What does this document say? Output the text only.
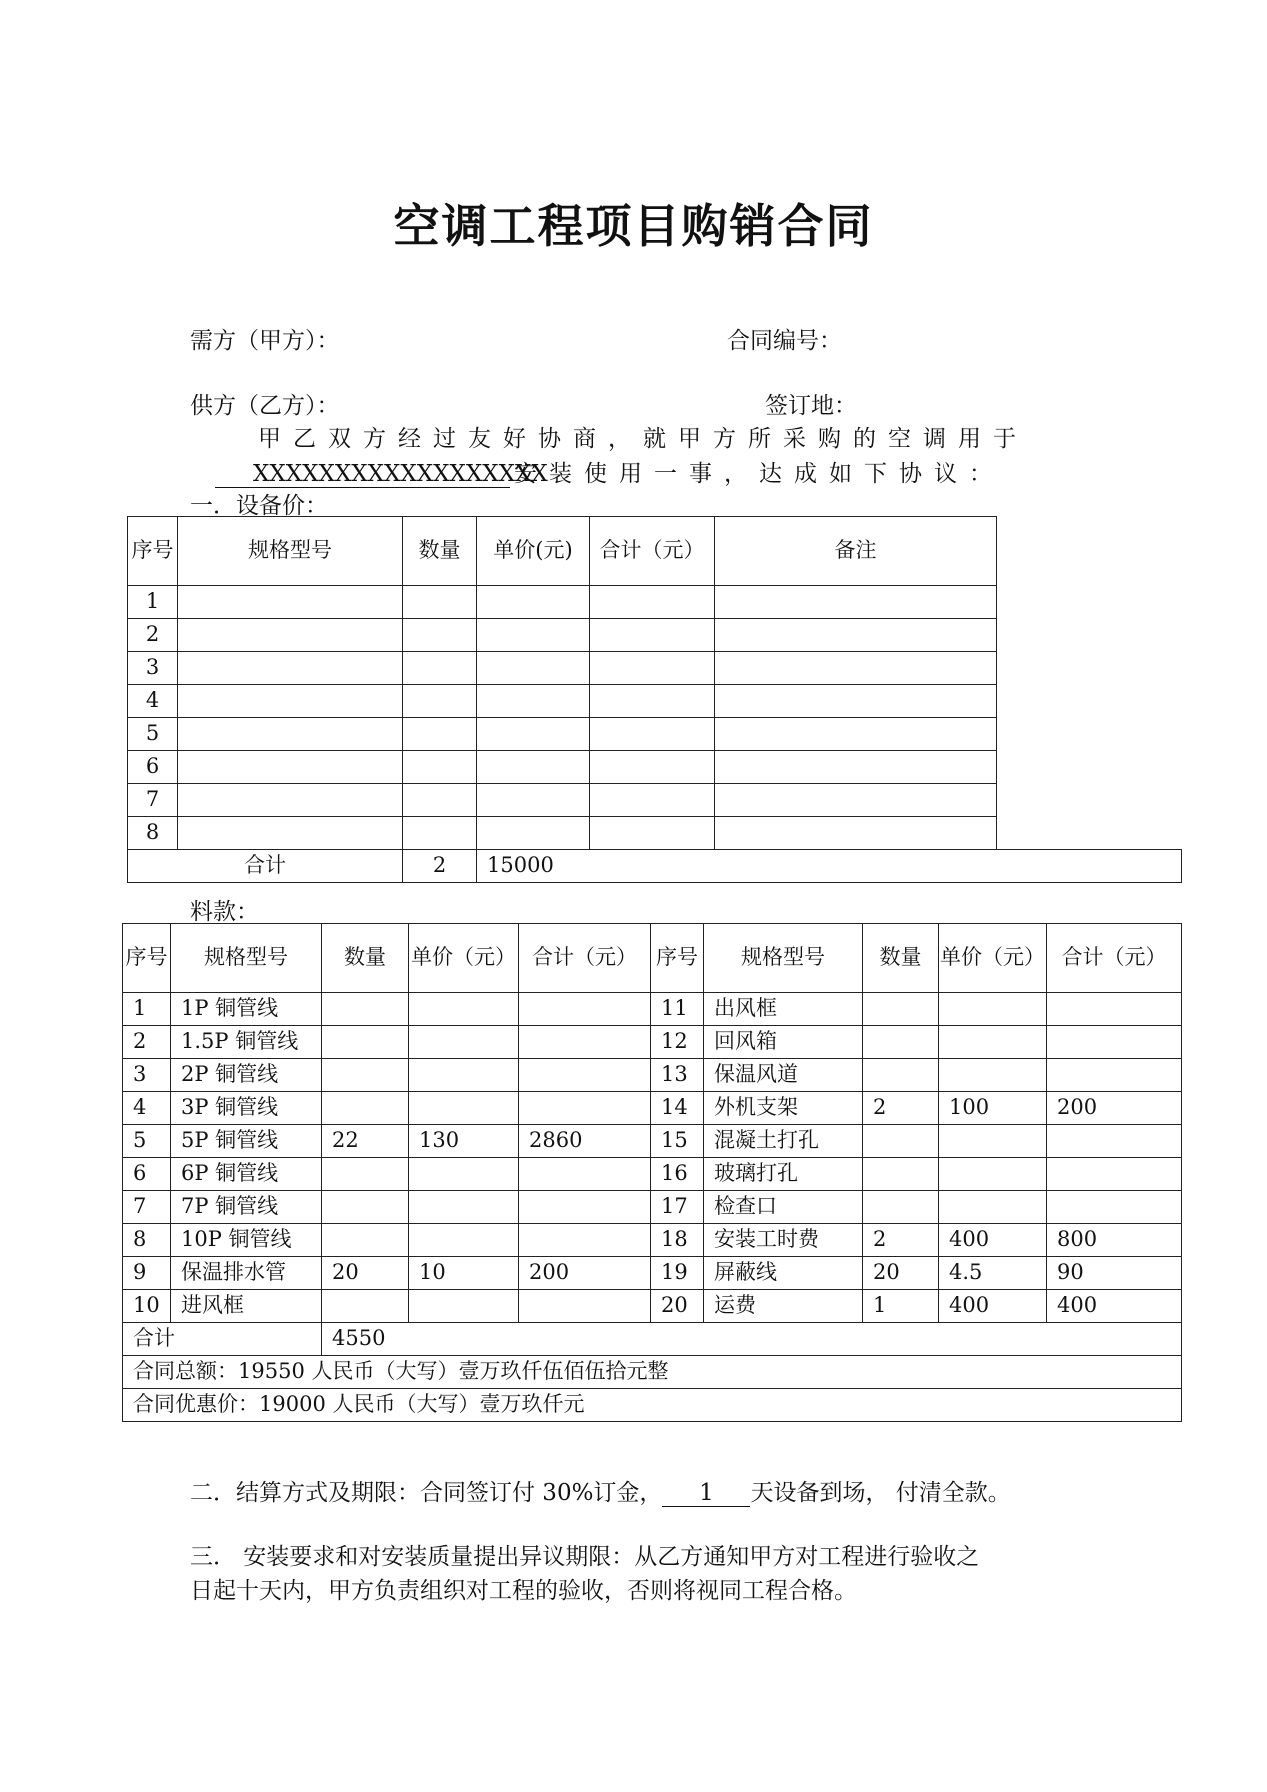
空调工程项目购销合同
需方（甲方）：	合同编号：
供方（乙方）：	签订地：
甲乙双方经过友好协商，就甲方所采购的空调用于
XXXXXXXXXXXXXXXXXX安装使用一事，达成如下协议：
一．设备价：
序号	规格型号	数量	单价(元)	合计（元）	备注	
1						
2						
3						
4						
5						
6						
7						
8						
合计		2	15000			
料款：
序号	规格型号	数量	单价（元）	合计（元）	序号	规格型号	数量	单价（元）	合计（元）
1	1P 铜管线				11	出风框			
2	1.5P 铜管线				12	回风箱			
3	2P 铜管线				13	保温风道			
4	3P 铜管线				14	外机支架	2	100	200
5	5P 铜管线	22	130	2860	15	混凝土打孔			
6	6P 铜管线				16	玻璃打孔			
7	7P 铜管线				17	检查口			
8	10P 铜管线				18	安装工时费	2	400	800
9	保温排水管	20	10	200	19	屏蔽线	20	4.5	90
10	进风框				20	运费	1	400	400
合计		4550							
合同总额：19550 人民币（大写）壹万玖仟伍佰伍拾元整									
合同优惠价：19000 人民币（大写）壹万玖仟元									
二．结算方式及期限：合同签订付 30%订金， 1 天设备到场， 付清全款。
三． 安装要求和对安装质量提出异议期限：从乙方通知甲方对工程进行验收之
日起十天内，甲方负责组织对工程的验收，否则将视同工程合格。
